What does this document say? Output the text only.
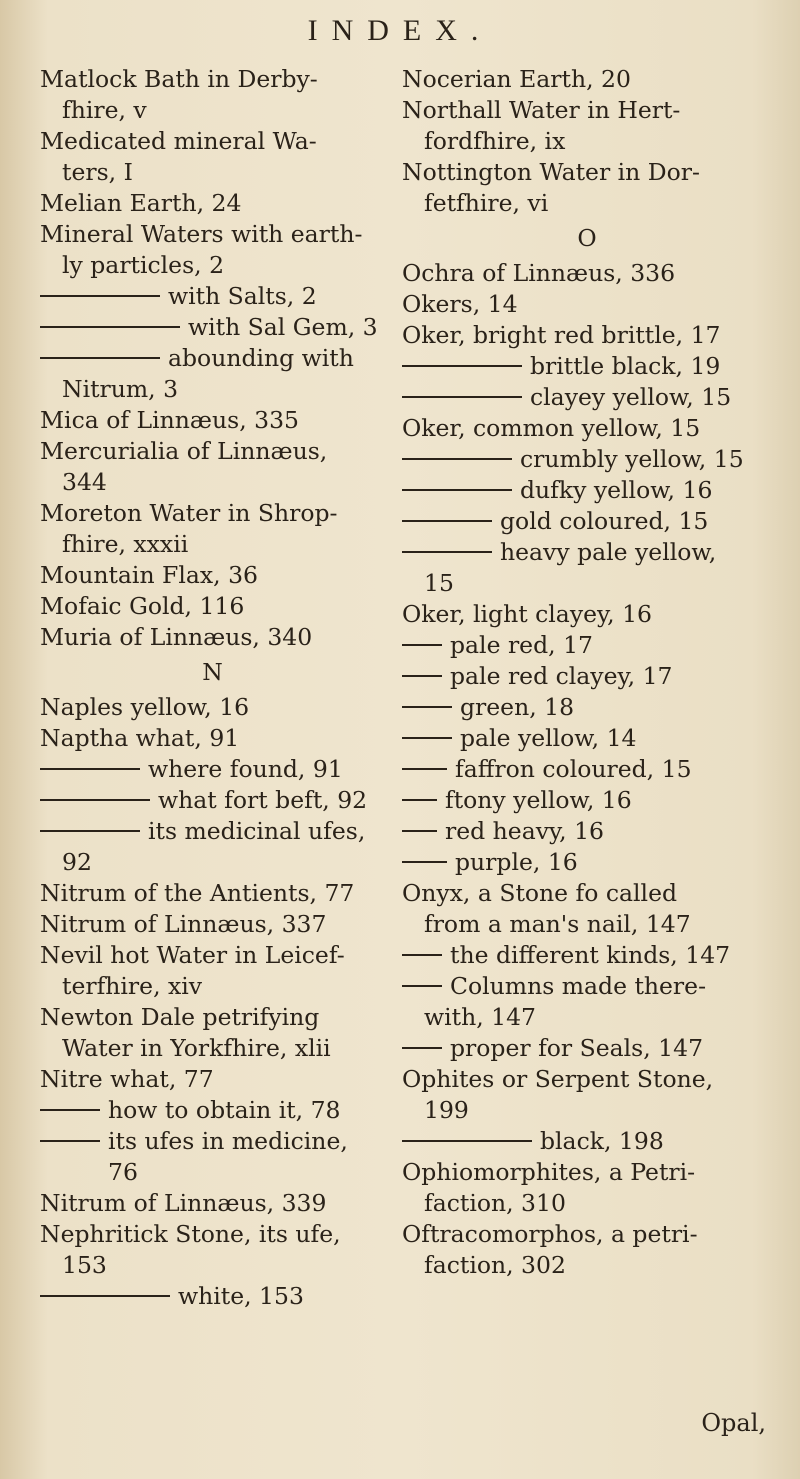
INDEX.
Matlock Bath in Derby-
fhire, v
Medicated mineral Wa-
ters, I
Melian Earth, 24
Mineral Waters with earth-
ly particles, 2
with Salts, 2
with Sal Gem, 3
abounding with
Nitrum, 3
Mica of Linnæus, 335
Mercurialia of Linnæus,
344
Moreton Water in Shrop-
fhire, xxxii
Mountain Flax, 36
Mofaic Gold, 116
Muria of Linnæus, 340
N
Naples yellow, 16
Naptha what, 91
where found, 91
what fort beft, 92
its medicinal ufes,
92
Nitrum of the Antients, 77
Nitrum of Linnæus, 337
Nevil hot Water in Leicef-
terfhire, xiv
Newton Dale petrifying
Water in Yorkfhire, xlii
Nitre what, 77
how to obtain it, 78
its ufes in medicine, 76
Nitrum of Linnæus, 339
Nephritick Stone, its ufe,
153
white, 153
Nocerian Earth, 20
Northall Water in Hert-
fordfhire, ix
Nottington Water in Dor-
fetfhire, vi
O
Ochra of Linnæus, 336
Okers, 14
Oker, bright red brittle, 17
brittle black, 19
clayey yellow, 15
Oker, common yellow, 15
crumbly yellow, 15
dufky yellow, 16
gold coloured, 15
heavy pale yellow,
15
Oker, light clayey, 16
pale red, 17
pale red clayey, 17
green, 18
pale yellow, 14
faffron coloured, 15
ftony yellow, 16
red heavy, 16
purple, 16
Onyx, a Stone fo called
from a man's nail, 147
the different kinds, 147
Columns made there-
with, 147
proper for Seals, 147
Ophites or Serpent Stone,
199
black, 198
Ophiomorphites, a Petri-
faction, 310
Oftracomorphos, a petri-
faction, 302
Opal,
